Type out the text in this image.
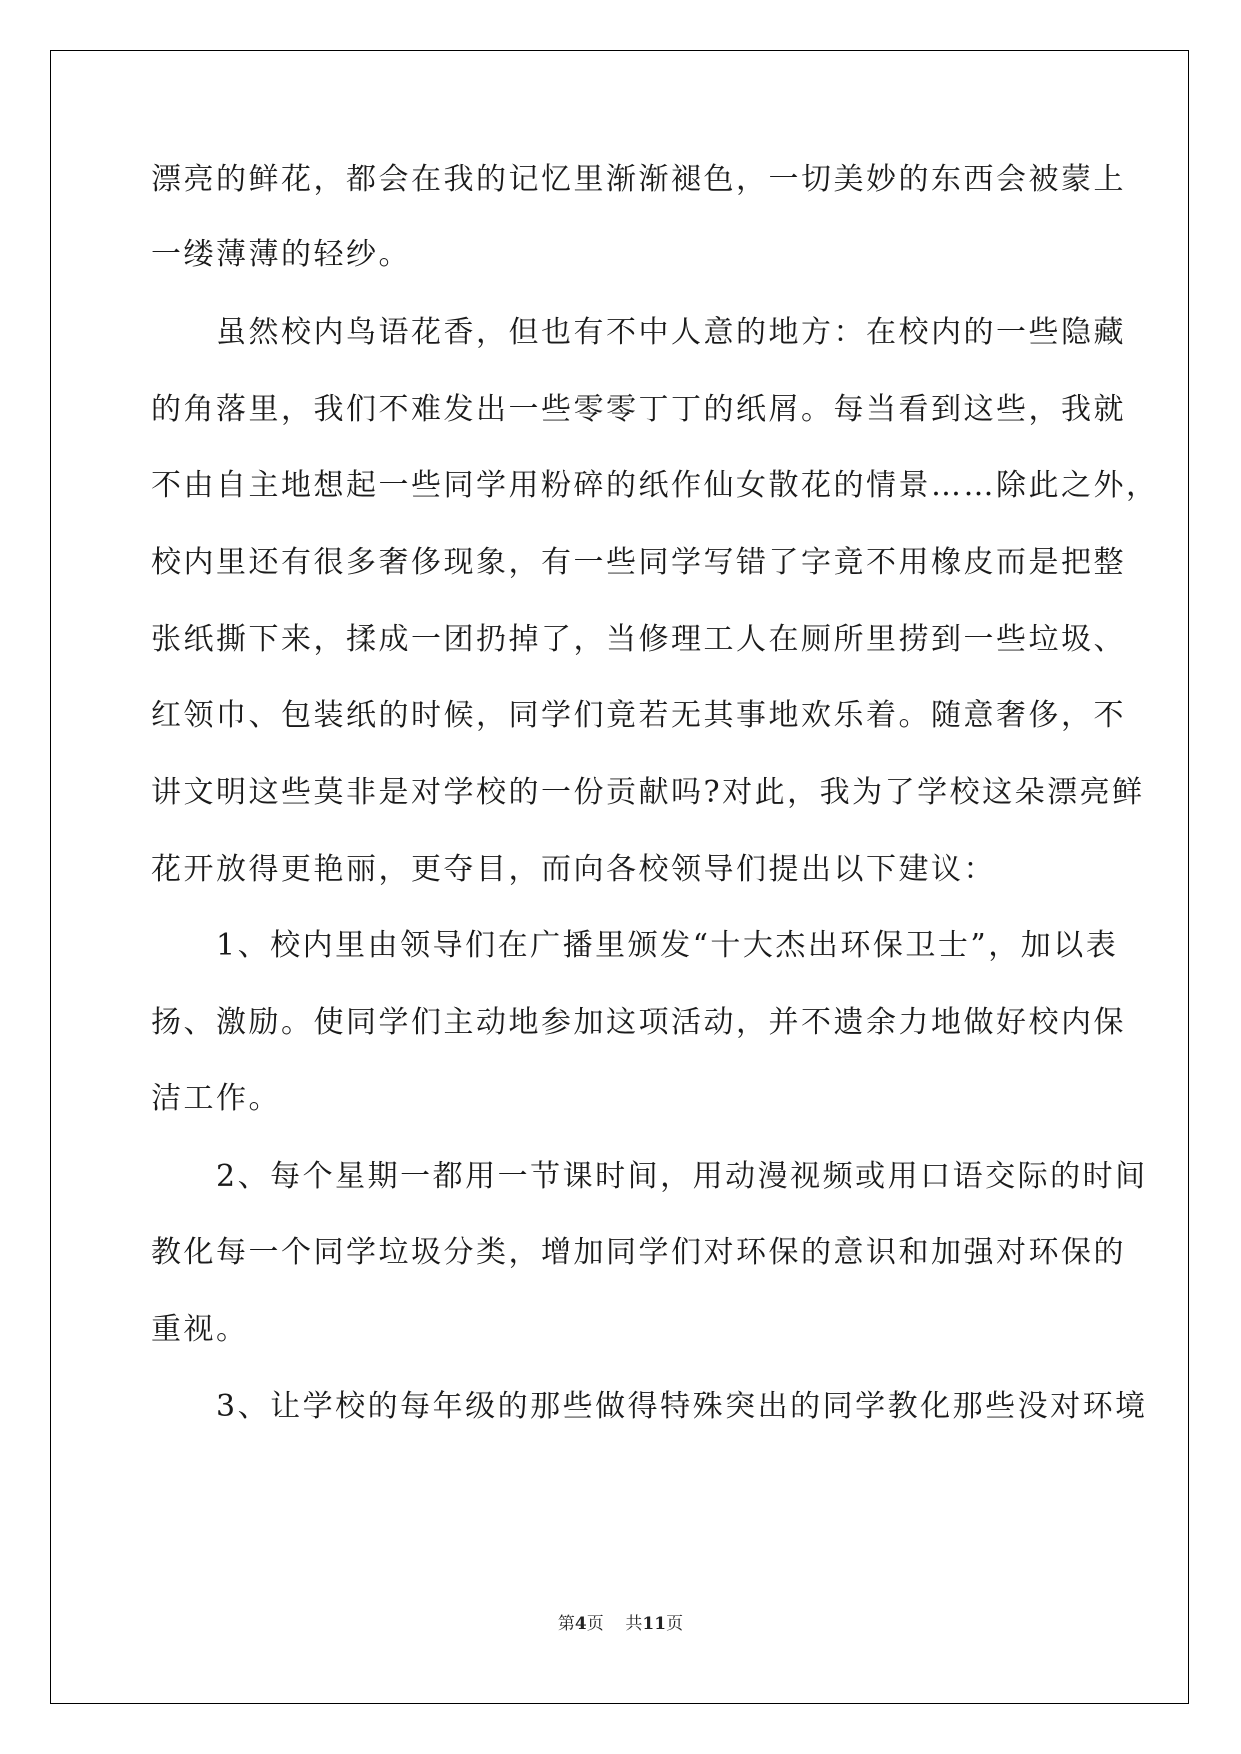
漂亮的鲜花，都会在我的记忆里渐渐褪色，一切美妙的东西会被蒙上
一缕薄薄的轻纱。
　　虽然校内鸟语花香，但也有不中人意的地方：在校内的一些隐藏
的角落里，我们不难发出一些零零丁丁的纸屑。每当看到这些，我就
不由自主地想起一些同学用粉碎的纸作仙女散花的情景……除此之外，
校内里还有很多奢侈现象，有一些同学写错了字竟不用橡皮而是把整
张纸撕下来，揉成一团扔掉了，当修理工人在厕所里捞到一些垃圾、
红领巾、包装纸的时候，同学们竟若无其事地欢乐着。随意奢侈，不
讲文明这些莫非是对学校的一份贡献吗?对此，我为了学校这朵漂亮鲜
花开放得更艳丽，更夺目，而向各校领导们提出以下建议：
　　1、校内里由领导们在广播里颁发“十大杰出环保卫士”，加以表
扬、激励。使同学们主动地参加这项活动，并不遗余力地做好校内保
洁工作。
　　2、每个星期一都用一节课时间，用动漫视频或用口语交际的时间
教化每一个同学垃圾分类，增加同学们对环保的意识和加强对环保的
重视。
　　3、让学校的每年级的那些做得特殊突出的同学教化那些没对环境
第4页 共11页
